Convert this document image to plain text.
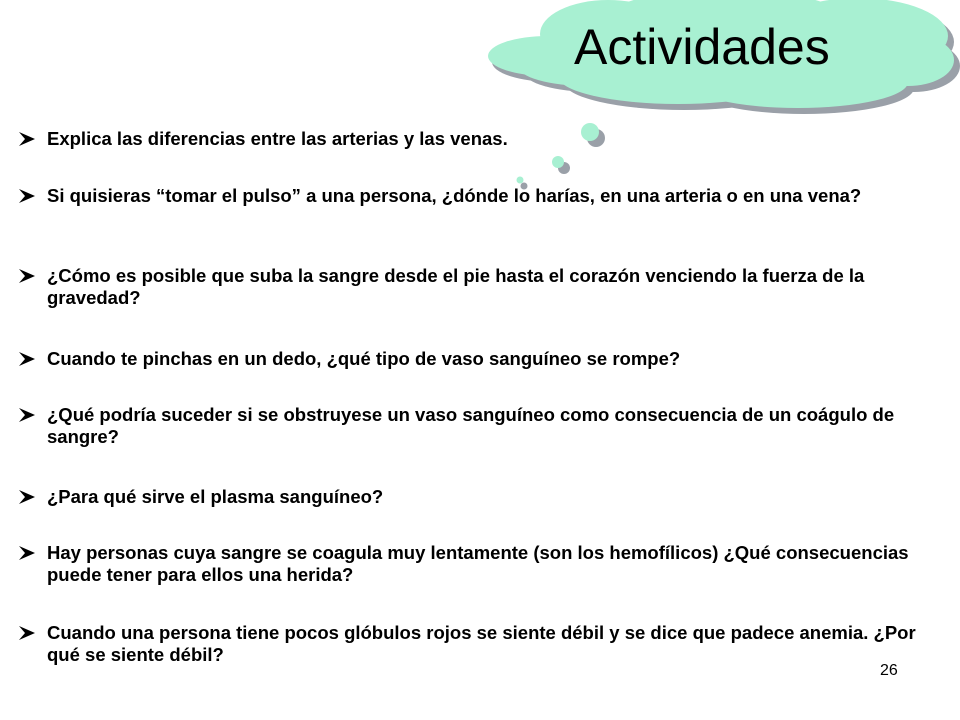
Actividades
Explica las diferencias entre las arterias y las venas.
Si quisieras “tomar el pulso” a una persona, ¿dónde lo harías, en una arteria o en una vena?
¿Cómo es posible que suba la sangre desde el pie hasta el corazón venciendo la fuerza de la gravedad?
Cuando te pinchas en un dedo, ¿qué tipo de vaso sanguíneo se rompe?
¿Qué podría suceder si se obstruyese un vaso sanguíneo como consecuencia de un coágulo de sangre?
¿Para qué sirve el plasma sanguíneo?
Hay personas cuya sangre se coagula muy lentamente (son los hemofílicos) ¿Qué consecuencias puede tener para ellos una herida?
Cuando una persona tiene pocos glóbulos rojos se siente débil y se dice que padece anemia. ¿Por qué se siente débil?
26
